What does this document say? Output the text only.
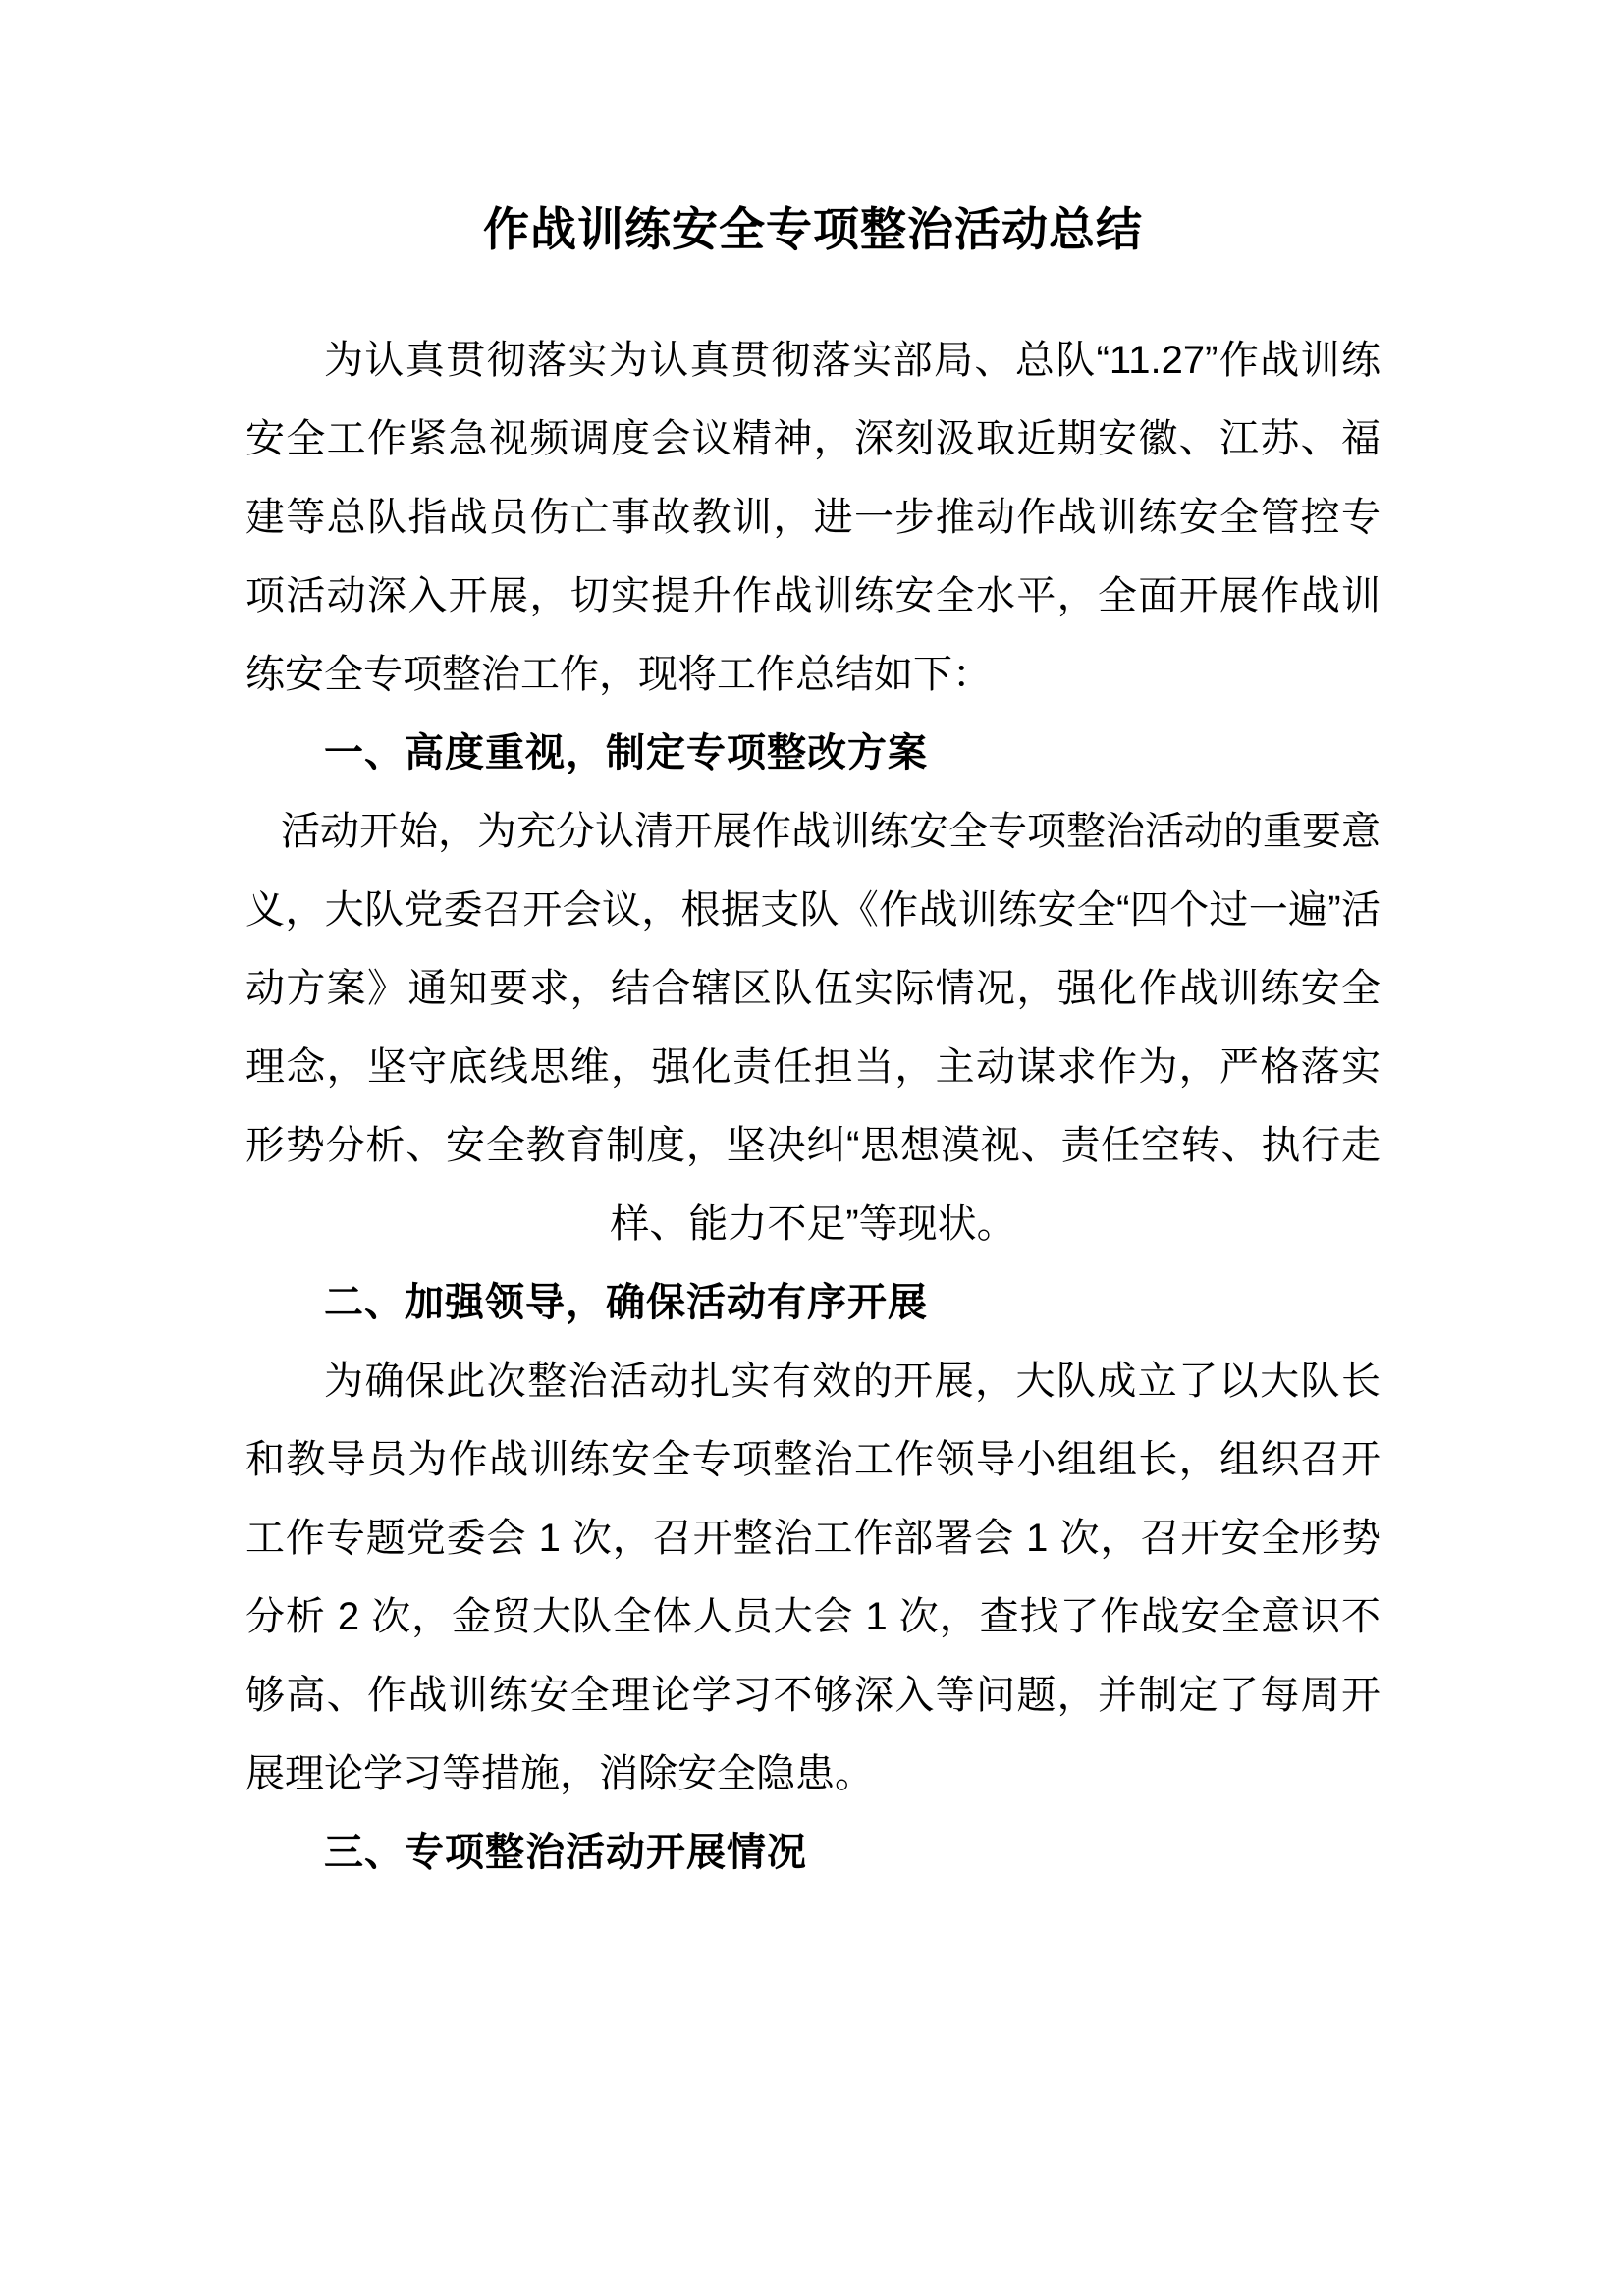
作战训练安全专项整治活动总结

为认真贯彻落实为认真贯彻落实部局、总队“11.27”作战训练安全工作紧急视频调度会议精神，深刻汲取近期安徽、江苏、福建等总队指战员伤亡事故教训，进一步推动作战训练安全管控专项活动深入开展，切实提升作战训练安全水平，全面开展作战训练安全专项整治工作，现将工作总结如下：

一、高度重视，制定专项整改方案

活动开始，为充分认清开展作战训练安全专项整治活动的重要意义，大队党委召开会议，根据支队《作战训练安全“四个过一遍”活动方案》通知要求，结合辖区队伍实际情况，强化作战训练安全理念，坚守底线思维，强化责任担当，主动谋求作为，严格落实形势分析、安全教育制度，坚决纠“思想漠视、责任空转、执行走样、能力不足”等现状。

二、加强领导，确保活动有序开展

为确保此次整治活动扎实有效的开展，大队成立了以大队长和教导员为作战训练安全专项整治工作领导小组组长，组织召开工作专题党委会 1 次，召开整治工作部署会 1 次，召开安全形势分析 2 次，金贸大队全体人员大会 1 次，查找了作战安全意识不够高、作战训练安全理论学习不够深入等问题，并制定了每周开展理论学习等措施，消除安全隐患。

三、专项整治活动开展情况
